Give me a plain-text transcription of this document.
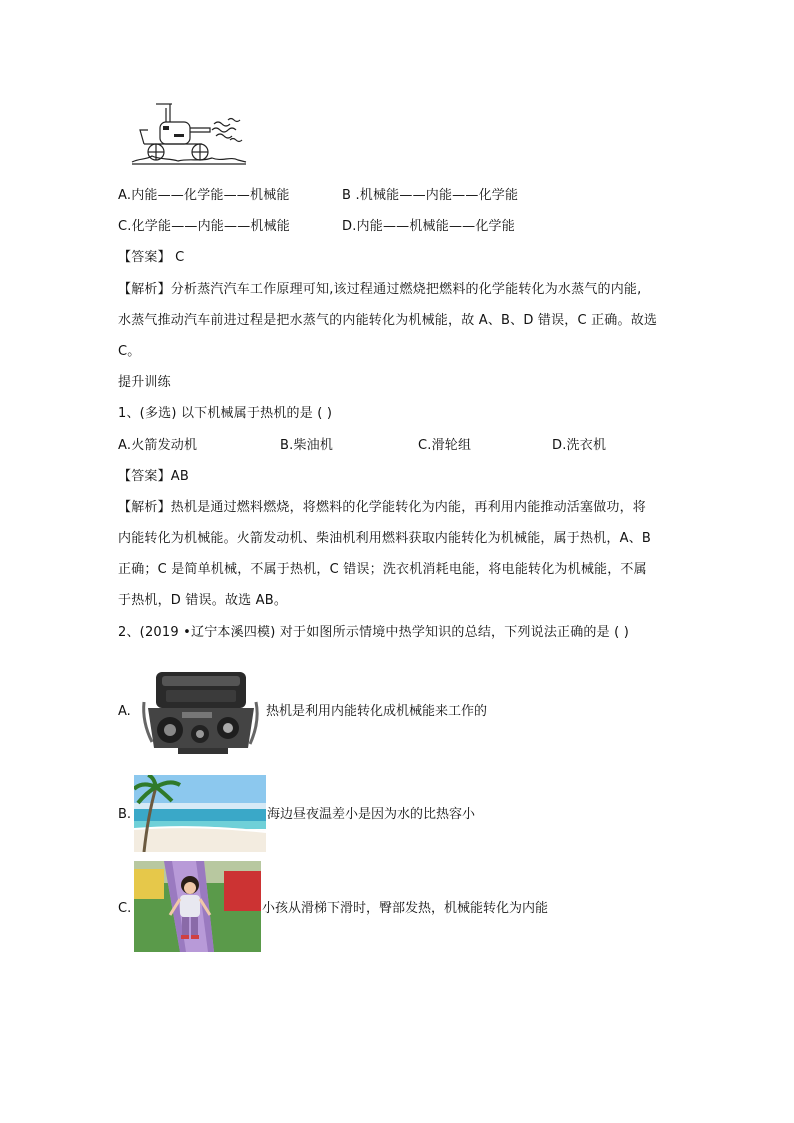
A.内能——化学能——机械能	B .机械能——内能——化学能
C.化学能——内能——机械能	D.内能——机械能——化学能
【答案】 C
【解析】分析蒸汽汽车工作原理可知,该过程通过燃烧把燃料的化学能转化为水蒸气的内能,
水蒸气推动汽车前进过程是把水蒸气的内能转化为机械能，故 A、B、D 错误，C 正确。故选
C。
提升训练
1、(多选) 以下机械属于热机的是 ( )
A.火箭发动机	B.柴油机	C.滑轮组	D.洗衣机
【答案】AB
【解析】热机是通过燃料燃烧，将燃料的化学能转化为内能，再利用内能推动活塞做功，将
内能转化为机械能。火箭发动机、柴油机利用燃料获取内能转化为机械能，属于热机，A、B
正确；C 是简单机械，不属于热机，C 错误；洗衣机消耗电能，将电能转化为机械能，不属
于热机，D 错误。故选 AB。
2、(2019 •辽宁本溪四模) 对于如图所示情境中热学知识的总结，下列说法正确的是 ( )
A.	热机是利用内能转化成机械能来工作的
B.	海边昼夜温差小是因为水的比热容小
C.	小孩从滑梯下滑时，臀部发热，机械能转化为内能
